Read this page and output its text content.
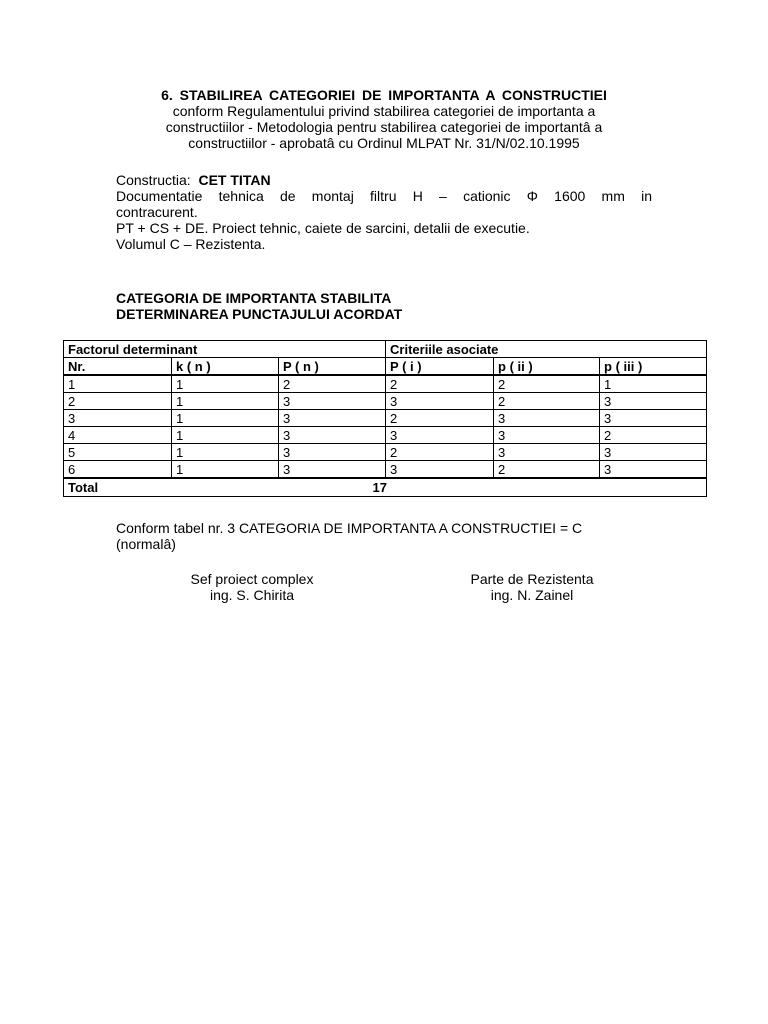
6. STABILIREA CATEGORIEI DE IMPORTANTA A CONSTRUCTIEI
conform Regulamentului privind stabilirea categoriei de importanta a
constructiilor - Metodologia pentru stabilirea categoriei de importantâ a
constructiilor - aprobatâ cu Ordinul MLPAT Nr. 31/N/02.10.1995
Constructia: CET TITAN
Documentatie tehnica de montaj filtru H – cationic Φ 1600 mm in
contracurent.
PT + CS + DE. Proiect tehnic, caiete de sarcini, detalii de executie.
Volumul C – Rezistenta.
CATEGORIA DE IMPORTANTA STABILITA
DETERMINAREA PUNCTAJULUI ACORDAT
Factorul determinant			Criteriile asociate		
Nr.	k ( n )	P ( n )	P ( i )	p ( ii )	p ( iii )
1	1	2	2	2	1
2	1	3	3	2	3
3	1	3	2	3	3
4	1	3	3	3	2
5	1	3	2	3	3
6	1	3	3	2	3
Total 17					
Conform tabel nr. 3 CATEGORIA DE IMPORTANTA A CONSTRUCTIEI = C
(normalâ)
Sef proiect complex
ing. S. Chirita
Parte de Rezistenta
ing. N. Zainel
